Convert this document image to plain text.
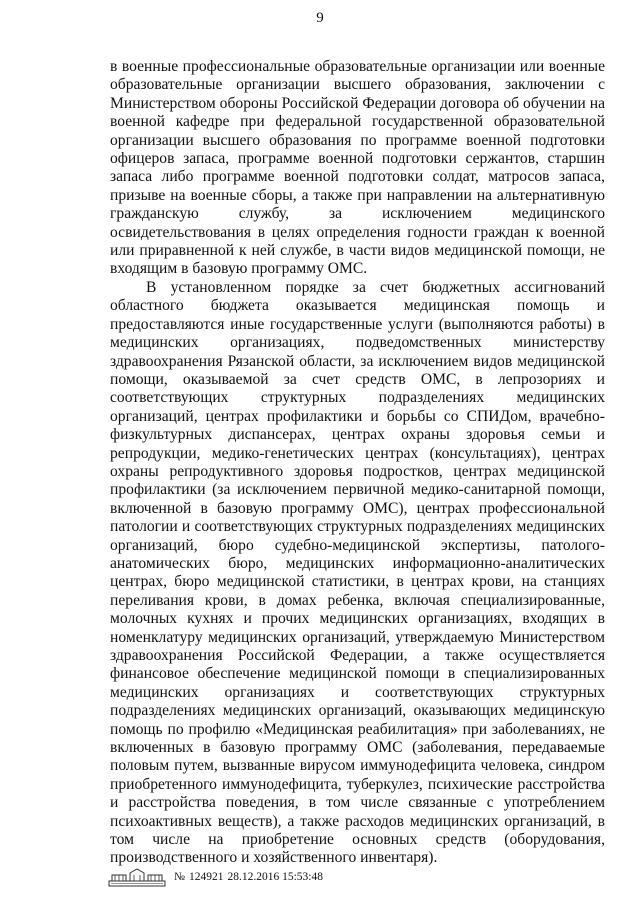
9

в военные профессиональные образовательные организации или военные образовательные организации высшего образования, заключении с Министерством обороны Российской Федерации договора об обучении на военной кафедре при федеральной государственной образовательной организации высшего образования по программе военной подготовки офицеров запаса, программе военной подготовки сержантов, старшин запаса либо программе военной подготовки солдат, матросов запаса, призыве на военные сборы, а также при направлении на альтернативную гражданскую службу, за исключением медицинского освидетельствования в целях определения годности граждан к военной или приравненной к ней службе, в части видов медицинской помощи, не входящим в базовую программу ОМС.

В установленном порядке за счет бюджетных ассигнований областного бюджета оказывается медицинская помощь и предоставляются иные государственные услуги (выполняются работы) в медицинских организациях, подведомственных министерству здравоохранения Рязанской области, за исключением видов медицинской помощи, оказываемой за счет средств ОМС, в лепрозориях и соответствующих структурных подразделениях медицинских организаций, центрах профилактики и борьбы со СПИДом, врачебно-физкультурных диспансерах, центрах охраны здоровья семьи и репродукции, медико-генетических центрах (консультациях), центрах охраны репродуктивного здоровья подростков, центрах медицинской профилактики (за исключением первичной медико-санитарной помощи, включенной в базовую программу ОМС), центрах профессиональной патологии и соответствующих структурных подразделениях медицинских организаций, бюро судебно-медицинской экспертизы, патолого-анатомических бюро, медицинских информационно-аналитических центрах, бюро медицинской статистики, в центрах крови, на станциях переливания крови, в домах ребенка, включая специализированные, молочных кухнях и прочих медицинских организациях, входящих в номенклатуру медицинских организаций, утверждаемую Министерством здравоохранения Российской Федерации, а также осуществляется финансовое обеспечение медицинской помощи в специализированных медицинских организациях и соответствующих структурных подразделениях медицинских организаций, оказывающих медицинскую помощь по профилю «Медицинская реабилитация» при заболеваниях, не включенных в базовую программу ОМС (заболевания, передаваемые половым путем, вызванные вирусом иммунодефицита человека, синдром приобретенного иммунодефицита, туберкулез, психические расстройства и расстройства поведения, в том числе связанные с употреблением психоактивных веществ), а также расходов медицинских организаций, в том числе на приобретение основных средств (оборудования, производственного и хозяйственного инвентаря).

№ 124921 28.12.2016 15:53:48
